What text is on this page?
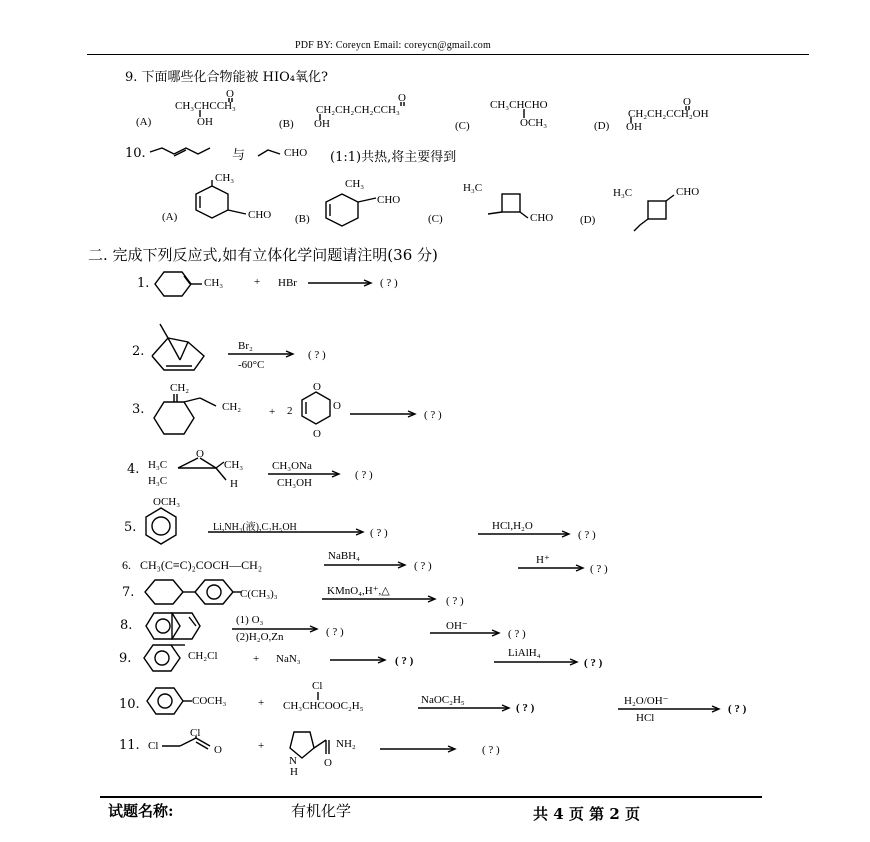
PDF BY: Coreycn Email: coreycn@gmail.com
9. 下面哪些化合物能被 HIO₄氧化?
(A)
O
CH₃CHCCH₃
OH	(B)
O
CH₂CH₂CH₂CCH₃
OH	(C)
CH₃CHCHO
OCH₃	(D)
O
CH₂CH₂CCH₂OH
OH
10.	与	CHO (1:1)共热,将主要得到
(A)
CH₃
CHO (B)
CH₃
CHO
(C)
H₃C
CHO (D)
H₃C	CHO
二. 完成下列反应式,如有立体化学问题请注明(36 分)
1.	CH₃	+ HBr	( ? )
2.	Br₂
-60°C
( ? )
3.
CH₂
CH₂	+ 2
O
O
O
( ? )
4. H₃C
H₃C
O
CH₃
H
CH₃ONa
CH₃OH
( ? )
5.
OCH₃
Li,NH₃(液),C₂H₅OH	( ? )
HCl,H₂O
( ? )
6. CH₃(C≡C)₂COCH—CH₂
NaBH₄
( ? )	H⁺
( ? )
7.	C(CH₃)₃	KMnO₄,H⁺,△
( ? )
8.	(1) O₃
(2)H₂O,Zn	( ? )	OH⁻
( ? )
9.	CH₂Cl	+ NaN₃	( ? )
LiAlH₄
( ? )
10.	COCH₃	+
Cl
CH₃CHCOOC₂H₅	NaOC₂H₅
( ? )
H₂O/OH⁻
HCl
( ? )
11. Cl
Cl
O	+
N
H
O
NH₂	( ? )
试题名称:	有机化学	共 4 页 第 2 页
